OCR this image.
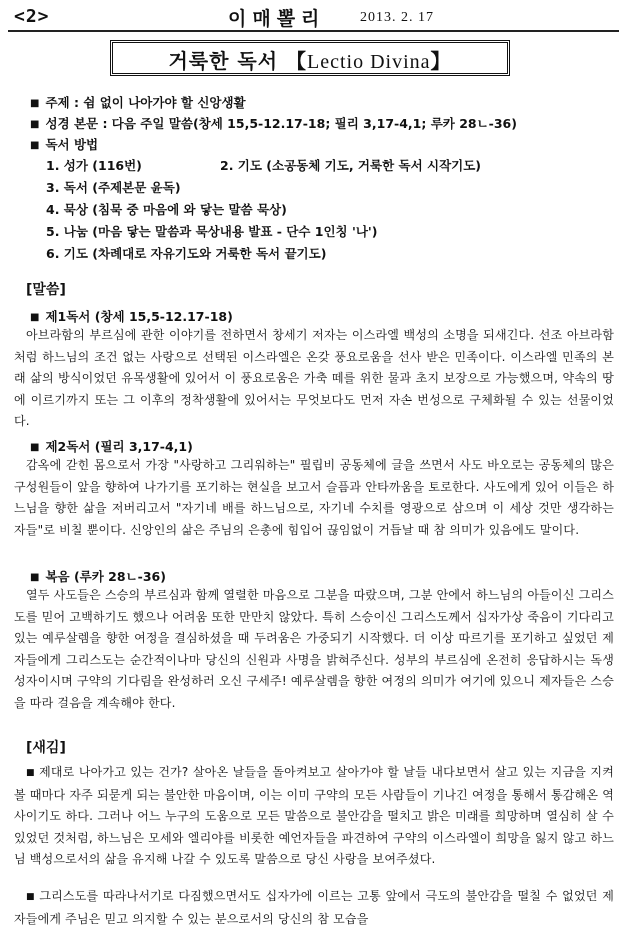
<2>	이매뽈리 2013. 2. 17
거룩한 독서 【Lectio Divina】
■ 주제 : 쉼 없이 나아가야 할 신앙생활
■ 성경 본문 : 다음 주일 말씀(창세 15,5-12.17-18; 필리 3,17-4,1; 루카 28ㄴ-36)
■ 독서 방법
1. 성가 (116번)	2. 기도 (소공동체 기도, 거룩한 독서 시작기도)
3. 독서 (주제본문 윤독)
4. 묵상 (침묵 중 마음에 와 닿는 말씀 묵상)
5. 나눔 (마음 닿는 말씀과 묵상내용 발표 - 단수 1인칭 '나')
6. 기도 (차례대로 자유기도와 거룩한 독서 끝기도)
[말씀]
■ 제1독서 (창세 15,5-12.17-18)
아브라함의 부르심에 관한 이야기를 전하면서 창세기 저자는 이스라엘 백성의 소명을 되새긴다. 선조 아브라함처럼 하느님의 조건 없는 사랑으로 선택된 이스라엘은 온갖 풍요로움을 선사 받은 민족이다. 이스라엘 민족의 본래 삶의 방식이었던 유목생활에 있어서 이 풍요로움은 가축 떼를 위한 물과 초지 보장으로 가능했으며, 약속의 땅에 이르기까지 또는 그 이후의 정착생활에 있어서는 무엇보다도 먼저 자손 번성으로 구체화될 수 있는 선물이었다.
■ 제2독서 (필리 3,17-4,1)
감옥에 갇힌 몸으로서 가장 "사랑하고 그리워하는" 필립비 공동체에 글을 쓰면서 사도 바오로는 공동체의 많은 구성원들이 앞을 향하여 나가기를 포기하는 현실을 보고서 슬픔과 안타까움을 토로한다. 사도에게 있어 이들은 하느님을 향한 삶을 저버리고서 "자기네 배를 하느님으로, 자기네 수치를 영광으로 삼으며 이 세상 것만 생각하는 자들"로 비칠 뿐이다. 신앙인의 삶은 주님의 은총에 힘입어 끊임없이 거듭날 때 참 의미가 있음에도 말이다.
■ 복음 (루카 28ㄴ-36)
열두 사도들은 스승의 부르심과 함께 열렬한 마음으로 그분을 따랐으며, 그분 안에서 하느님의 아들이신 그리스도를 믿어 고백하기도 했으나 어려움 또한 만만치 않았다. 특히 스승이신 그리스도께서 십자가상 죽음이 기다리고 있는 예루살렘을 향한 여정을 결심하셨을 때 두려움은 가중되기 시작했다. 더 이상 따르기를 포기하고 싶었던 제자들에게 그리스도는 순간적이나마 당신의 신원과 사명을 밝혀주신다. 성부의 부르심에 온전히 응답하시는 독생성자이시며 구약의 기다림을 완성하러 오신 구세주! 예루살렘을 향한 여정의 의미가 여기에 있으니 제자들은 스승을 따라 걸음을 계속해야 한다.
[새김]
■ 제대로 나아가고 있는 건가? 살아온 날들을 돌아켜보고 살아가야 할 날들 내다보면서 살고 있는 지금을 지켜볼 때마다 자주 되묻게 되는 불안한 마음이며, 이는 이미 구약의 모든 사람들이 기나긴 여정을 통해서 통감해온 역사이기도 하다. 그러나 어느 누구의 도움으로 모든 말씀으로 불안감을 떨치고 밝은 미래를 희망하며 열심히 살 수 있었던 것처럼, 하느님은 모세와 엘리야를 비롯한 예언자들을 파견하여 구약의 이스라엘이 희망을 잃지 않고 하느님 백성으로서의 삶을 유지해 나갈 수 있도록 말씀으로 당신 사랑을 보여주셨다.
■ 그리스도를 따라나서기로 다짐했으면서도 십자가에 이르는 고통 앞에서 극도의 불안감을 떨칠 수 없었던 제자들에게 주님은 믿고 의지할 수 있는 분으로서의 당신의 참 모습을
